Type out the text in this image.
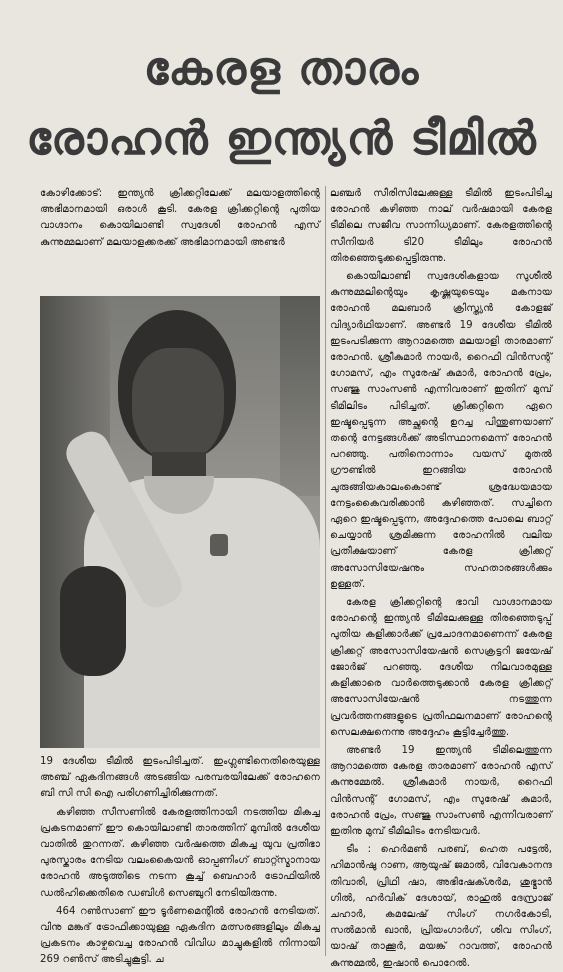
കേരള താരം
രോഹൻ ഇന്ത്യൻ ടീമിൽ

കോഴിക്കോട്: ഇന്ത്യൻ ക്രിക്കറ്റിലേക്ക് മലയാളത്തിന്റെ അഭിമാനമായി ഒരാൾ കൂടി. കേരള ക്രിക്കറ്റിന്റെ പുതിയ വാഗ്ദാനം കൊയിലാണ്ടി സ്വദേശി രോഹൻ എസ് കുന്നുമ്മലാണ് മലയാളക്കരക്ക് അഭിമാനമായി അണ്ടർ

19 ദേശീയ ടീമിൽ ഇടംപിടിച്ചത്. ഇംഗ്ലണ്ടിനെതിരെയുള്ള അഞ്ച് ഏകദിനങ്ങൾ അടങ്ങിയ പരമ്പരയിലേക്ക് രോഹനെ ബി സി സി ഐ പരിഗണിച്ചിരിക്കുന്നത്.

കഴിഞ്ഞ സീസണിൽ കേരളത്തിനായി നടത്തിയ മികച്ച പ്രകടനമാണ് ഈ കൊയിലാണ്ടി താരത്തിന് മുമ്പിൽ ദേശീയ വാതിൽ തുറന്നത്. കഴിഞ്ഞ വർഷത്തെ മികച്ച യുവ പ്രതിഭാ പുരസ്കാരം നേടിയ വലംകൈയൻ ഓപ്പണിംഗ് ബാറ്റ്സ്മാനായ രോഹൻ അടുത്തിടെ നടന്ന കൂച്ച് ബെഹാർ ട്രോഫിയിൽ ഡൽഹിക്കെതിരെ ഡബിൾ സെഞ്ചുറി നേടിയിരുന്നു.

464 റൺസാണ് ഈ ടൂർണമെന്റിൽ രോഹൻ നേടിയത്. വിനു മങ്കദ് ട്രോഫിക്കായുള്ള ഏകദിന മത്സരങ്ങളിലും മികച്ച പ്രകടനം കാഴ്ചവെച്ച രോഹൻ വിവിധ മാച്ചുകളിൽ നിന്നായി 269 റൺസ് അടിച്ചുകൂട്ടി. ച

ലഞ്ചർ സീരിസിലേക്കുള്ള ടീമിൽ ഇടംപിടിച്ച രോഹൻ കഴിഞ്ഞ നാല് വർഷമായി കേരള ടീമിലെ സജീവ സാന്നിധ്യമാണ്. കേരളത്തിന്റെ സീനിയർ ടി20 ടീമിലും രോഹൻ തിരഞ്ഞെടുക്കപ്പെട്ടിരുന്നു.

കൊയിലാണ്ടി സ്വദേശികളായ സുശീൽ കുന്നുമ്മലിന്റെയും കൃഷ്ണയുടെയും മകനായ രോഹൻ മലബാർ ക്രിസ്ത്യൻ കോളജ് വിദ്യാർഥിയാണ്. അണ്ടർ 19 ദേശീയ ടീമിൽ ഇടംപടിക്കുന്ന ആറാമത്തെ മലയാളി താരമാണ് രോഹൻ. ശ്രീകുമാർ നായർ, റൈഫി വിൻസന്റ് ഗോമസ്, എം സുരേഷ് കുമാർ, രോഹൻ പ്രേം, സഞ്ജു സാംസൺ എന്നിവരാണ് ഇതിന് മുമ്പ് ടീമിലിടം പിടിച്ചത്. ക്രിക്കറ്റിനെ ഏറെ ഇഷ്ടപ്പെടുന്ന അച്ഛന്റെ ഉറച്ച പിന്തുണയാണ് തന്റെ നേട്ടങ്ങൾക്ക് അടിസ്ഥാനമെന്ന് രോഹൻ പറഞ്ഞു. പതിനൊന്നാം വയസ് മുതൽ ഗ്രൗണ്ടിൽ ഇറങ്ങിയ രോഹൻ ചുരുങ്ങിയകാലംകൊണ്ട് ശ്രദ്ധേയമായ നേട്ടംകൈവരിക്കാൻ കഴിഞ്ഞത്. സച്ചിനെ ഏറെ ഇഷ്ടപ്പെടുന്ന, അദ്ദേഹത്തെ പോലെ ബാറ്റ് ചെയ്യാൻ ശ്രമിക്കുന്ന രോഹനിൽ വലിയ പ്രതീക്ഷയാണ് കേരള ക്രിക്കറ്റ് അസോസിയേഷനും സഹതാരങ്ങൾക്കും ഉള്ളത്.

കേരള ക്രിക്കറ്റിന്റെ ഭാവി വാഗ്ദാനമായ രോഹന്റെ ഇന്ത്യൻ ടീമിലേക്കുള്ള തിരഞ്ഞെടുപ്പ് പുതിയ കളിക്കാർക്ക് പ്രചോദനമാണെന്ന് കേരള ക്രിക്കറ്റ് അസോസിയേഷൻ സെക്രട്ടറി ജയേഷ് ജോർജ് പറഞ്ഞു. ദേശീയ നിലവാരമുള്ള കളിക്കാരെ വാർത്തെടുക്കാൻ കേരള ക്രിക്കറ്റ് അസോസിയേഷൻ നടത്തുന്ന പ്രവർത്തനങ്ങളുടെ പ്രതിഫലനമാണ് രോഹന്റെ സെലക്ഷനെന്നു അദ്ദേഹം കൂട്ടിച്ചേർത്തു.

അണ്ടർ 19 ഇന്ത്യൻ ടീമിലെത്തുന്ന ആറാമത്തെ കേരള താരമാണ് രോഹൻ എസ് കുന്നുമ്മേൽ. ശ്രീകുമാർ നായർ, റൈഫി വിൻസന്റ് ഗോമസ്, എം സുരേഷ് കുമാർ, രോഹൻ പ്രേം, സഞ്ജു സാംസൺ എന്നിവരാണ് ഇതിനു മുമ്പ് ടീമിലിടം നേടിയവർ.

ടീം : ഹെർമൺ പരബ്, ഹെത പട്ടേൽ, ഹിമാൻഷു റാണ, ആയുഷ് ജമാൽ, വിവേകാനന്ദ തിവാരി, പ്രിഥി ഷാ, അഭിഷേക്ശർമ, ശുഭ്മാൻ ഗിൽ, ഹർവിക് ദേശായ്, രാഹുൽ ദേസ്രാജ് ചഹാർ, കമലേഷ് സിംഗ് നഗർകോടി, സൽമാൻ ഖാൻ, പ്രിയംഗാർഗ്, ശിവ സിംഗ്, യാഷ് താക്കൂർ, മയങ്ക് റാവത്ത്, രോഹൻ കുന്നുമ്മൽ, ഇഷാൻ പൊറേൽ.
